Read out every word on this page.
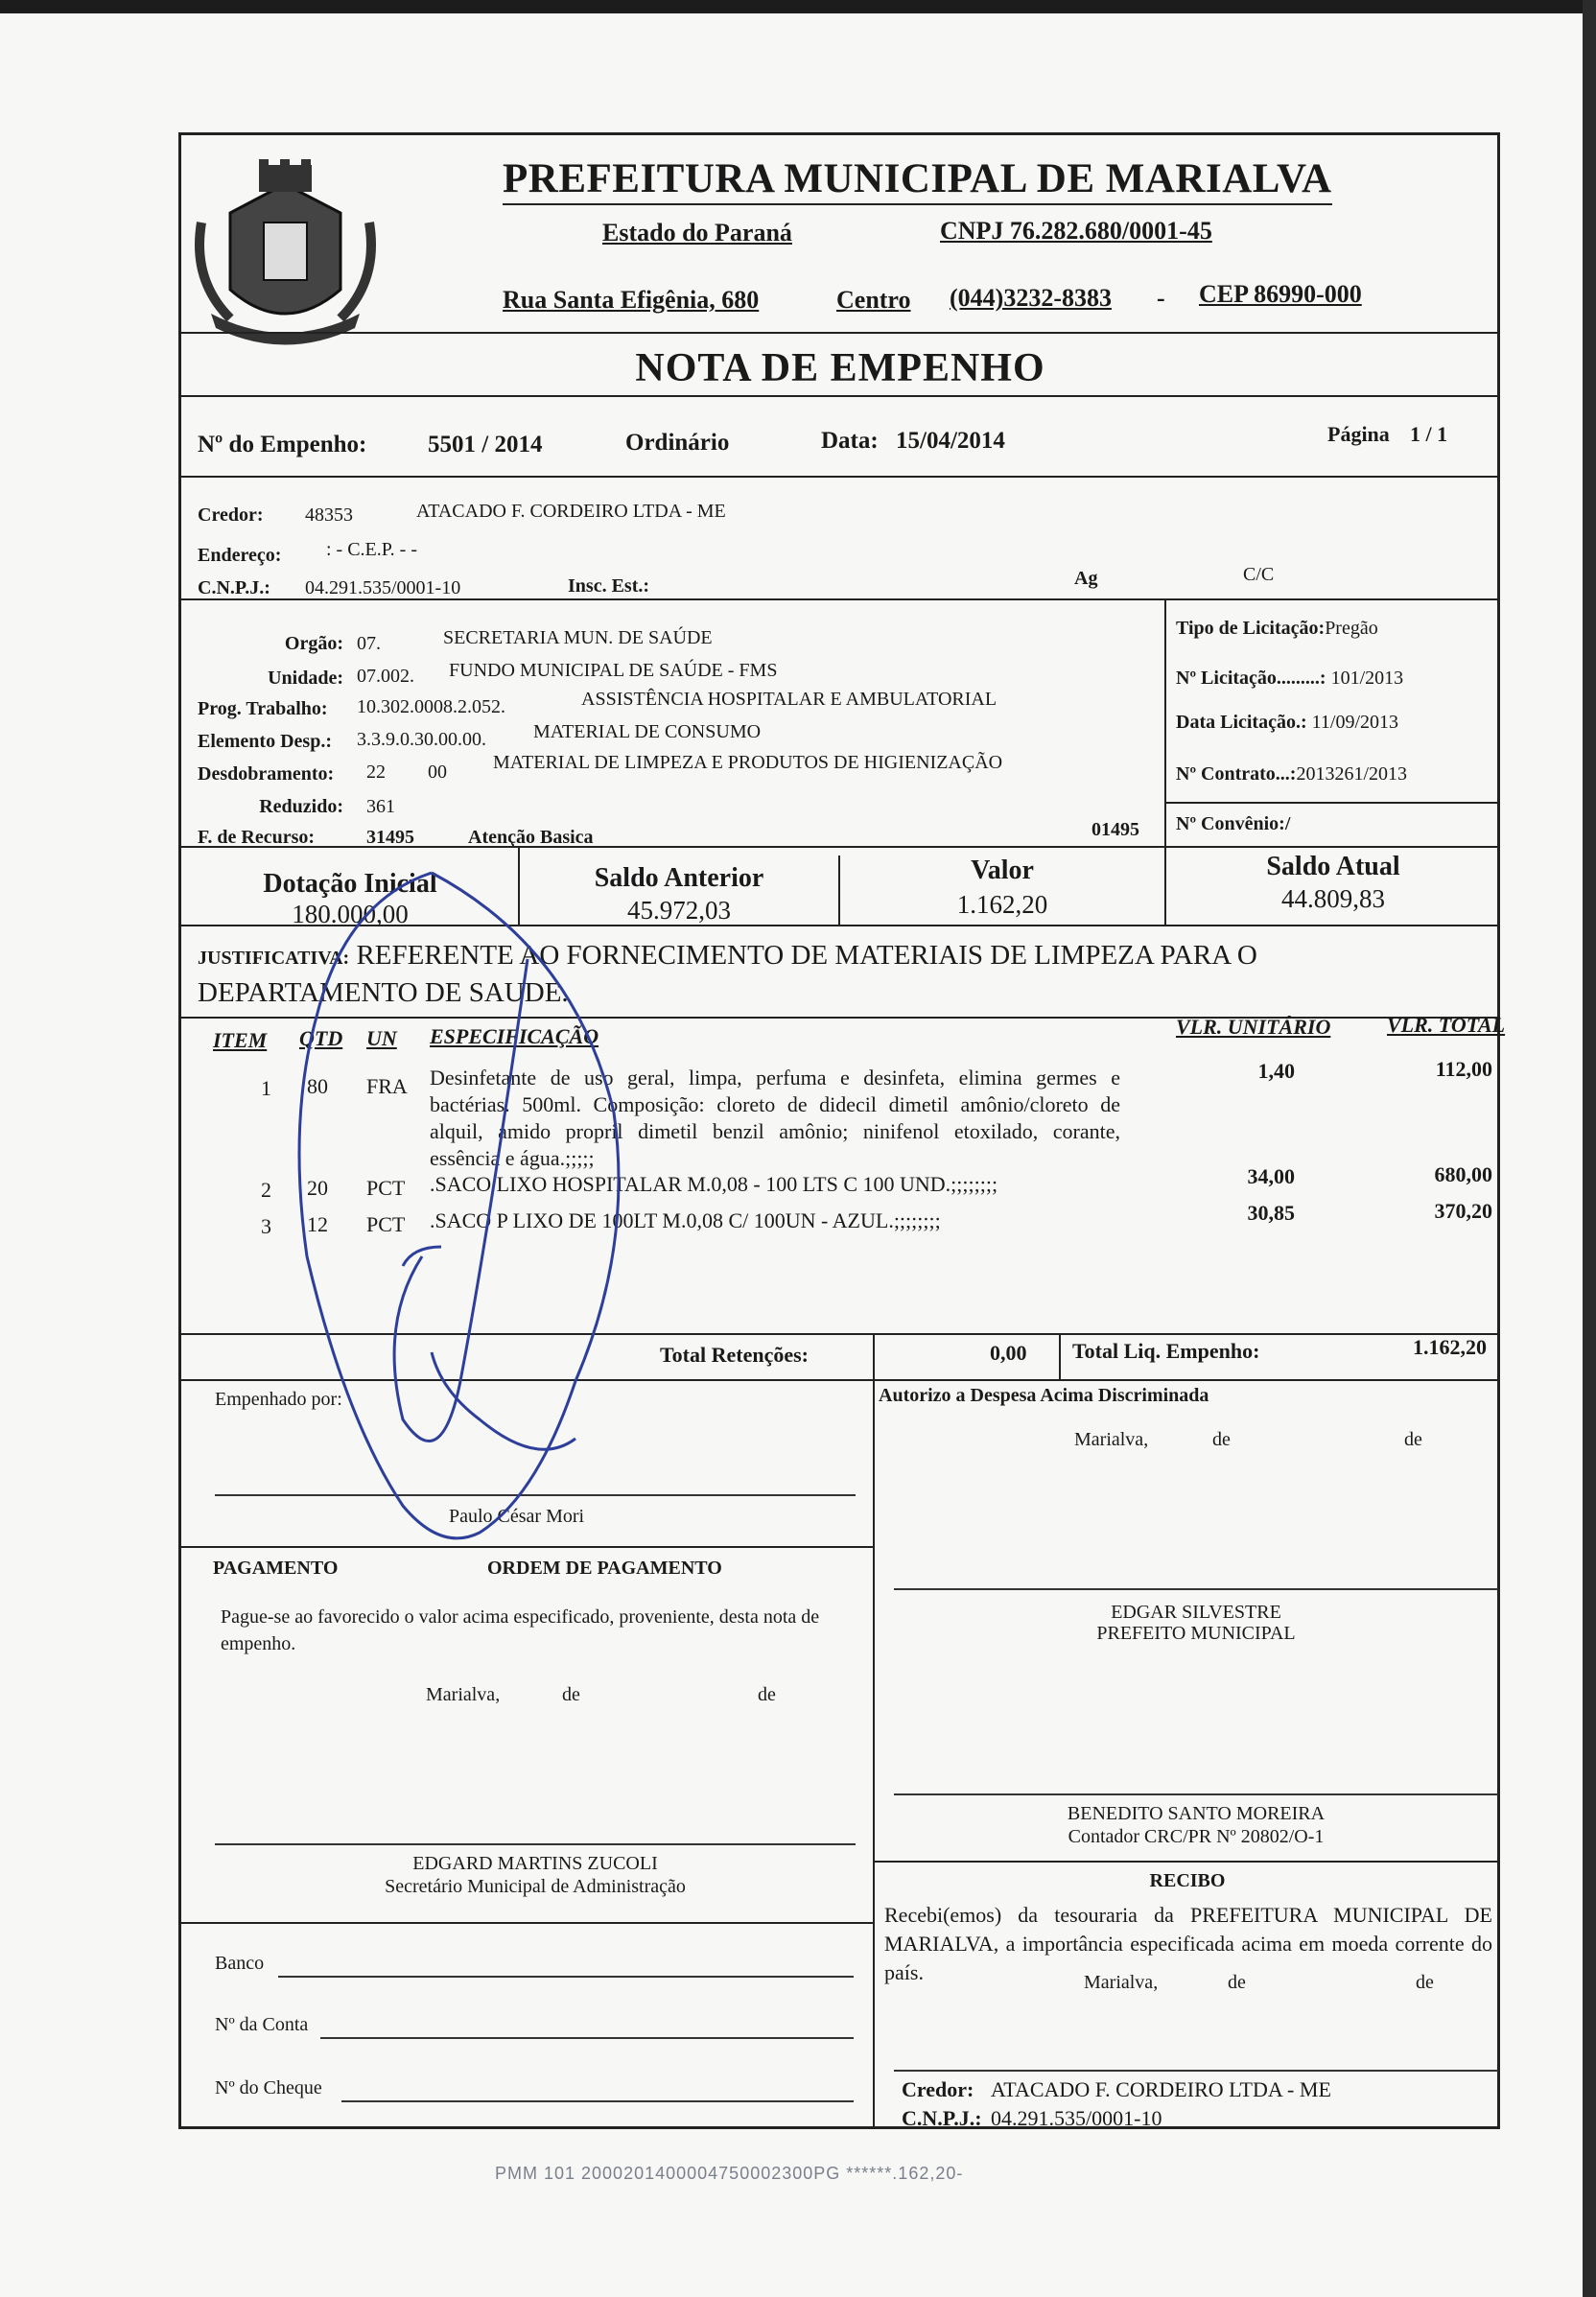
PREFEITURA MUNICIPAL DE MARIALVA
Estado do Paraná	CNPJ 76.282.680/0001-45
Rua Santa Efigênia, 680	Centro (044)3232-8383 - CEP 86990-000
NOTA DE EMPENHO
Nº do Empenho:	5501 / 2014	Ordinário	Data: 15/04/2014	Página 1 / 1
Credor: 48353	ATACADO F. CORDEIRO LTDA - ME
Endereço: : - C.E.P. - -
C.N.P.J.: 04.291.535/0001-10	Insc. Est.:	Ag	C/C
Orgão: 07.	SECRETARIA MUN. DE SAÚDE
Unidade: 07.002. FUNDO MUNICIPAL DE SAÚDE - FMS
Prog. Trabalho: 10.302.0008.2.052.	ASSISTÊNCIA HOSPITALAR E AMBULATORIAL
Elemento Desp.: 3.3.9.0.30.00.00. MATERIAL DE CONSUMO
Desdobramento: 22 00 MATERIAL DE LIMPEZA E PRODUTOS DE HIGIENIZAÇÃO
Reduzido: 361
F. de Recurso:	31495	Atenção Basica	01495
Tipo de Licitação:Pregão
Nº Licitação.........: 101/2013
Data Licitação.: 11/09/2013
Nº Contrato...:2013261/2013
Nº Convênio:/
Dotação Inicial
180.000,00
Saldo Anterior
45.972,03
Valor
1.162,20
Saldo Atual
44.809,83
JUSTIFICATIVA: REFERENTE AO FORNECIMENTO DE MATERIAIS DE LIMPEZA PARA O
DEPARTAMENTO DE SAUDE.
ITEM QTD UN ESPECIFICAÇÃO	VLR. UNITÁRIO	VLR. TOTAL
1 80 FRA Desinfetante de uso geral, limpa, perfuma e desinfeta, elimina germes e
bactérias. 500ml. Composição: cloreto de didecil dimetil amônio/cloreto de
alquil, amido propril dimetil benzil amônio; ninifenol etoxilado, corante,
essência e água.;;;;;
1,40	112,00
2 20 PCT .SACO LIXO HOSPITALAR M.0,08 - 100 LTS C 100 UND.;;;;;;;;	34,00	680,00
3 12 PCT .SACO P LIXO DE 100LT M.0,08 C/ 100UN - AZUL.;;;;;;;;	30,85	370,20
Total Retenções:	0,00 Total Liq. Empenho:	1.162,20
Empenhado por:
Paulo César Mori
Autorizo a Despesa Acima Discriminada
Marialva,	de	de
PAGAMENTO	ORDEM DE PAGAMENTO
Pague-se ao favorecido o valor acima especificado, proveniente, desta nota de empenho.
Marialva,	de	de
EDGAR SILVESTRE
PREFEITO MUNICIPAL
BENEDITO SANTO MOREIRA
Contador CRC/PR Nº 20802/O-1
EDGARD MARTINS ZUCOLI
Secretário Municipal de Administração	RECIBO
Recebi(emos) da tesouraria da PREFEITURA MUNICIPAL DE MARIALVA, a importância especificada acima em moeda corrente do país.	Marialva,	de	de
Banco
Nº da Conta
Nº do Cheque	Credor: ATACADO F. CORDEIRO LTDA - ME
C.N.P.J.: 04.291.535/0001-10
PMM 101 2000201400004750002300PG ******.162,20-
